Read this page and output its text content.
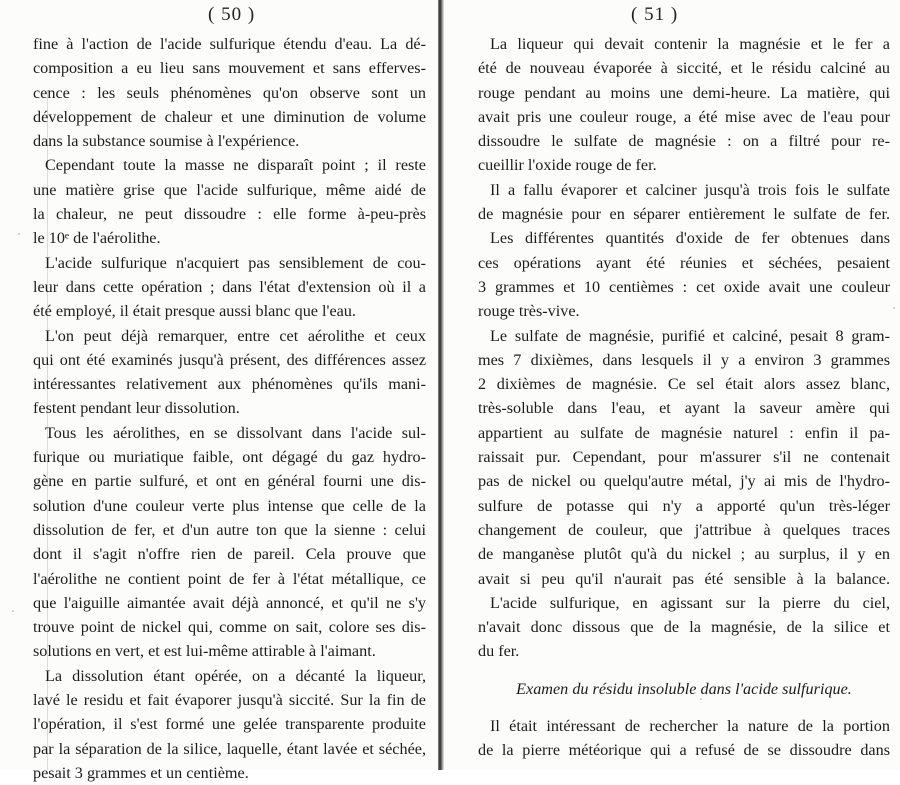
( 50 )
fine à l'action de l'acide sulfurique étendu d'eau. La dé-
composition a eu lieu sans mouvement et sans efferves-
cence : les seuls phénomènes qu'on observe sont un
développement de chaleur et une diminution de volume
dans la substance soumise à l'expérience.
Cependant toute la masse ne disparaît point ; il reste
une matière grise que l'acide sulfurique, même aidé de
la chaleur, ne peut dissoudre : elle forme à-peu-près
le 10ᵉ de l'aérolithe.
L'acide sulfurique n'acquiert pas sensiblement de cou-
leur dans cette opération ; dans l'état d'extension où il a
été employé, il était presque aussi blanc que l'eau.
L'on peut déjà remarquer, entre cet aérolithe et ceux
qui ont été examinés jusqu'à présent, des différences assez
intéressantes relativement aux phénomènes qu'ils mani-
festent pendant leur dissolution.
Tous les aérolithes, en se dissolvant dans l'acide sul-
furique ou muriatique faible, ont dégagé du gaz hydro-
gène en partie sulfuré, et ont en général fourni une dis-
solution d'une couleur verte plus intense que celle de la
dissolution de fer, et d'un autre ton que la sienne : celui
dont il s'agit n'offre rien de pareil. Cela prouve que
l'aérolithe ne contient point de fer à l'état métallique, ce
que l'aiguille aimantée avait déjà annoncé, et qu'il ne s'y
trouve point de nickel qui, comme on sait, colore ses dis-
solutions en vert, et est lui-même attirable à l'aimant.
La dissolution étant opérée, on a décanté la liqueur,
lavé le residu et fait évaporer jusqu'à siccité. Sur la fin de
l'opération, il s'est formé une gelée transparente produite
par la séparation de la silice, laquelle, étant lavée et séchée,
pesait 3 grammes et un centième.
( 51 )
La liqueur qui devait contenir la magnésie et le fer a
été de nouveau évaporée à siccité, et le résidu calciné au
rouge pendant au moins une demi-heure. La matière, qui
avait pris une couleur rouge, a été mise avec de l'eau pour
dissoudre le sulfate de magnésie : on a filtré pour re-
cueillir l'oxide rouge de fer.
Il a fallu évaporer et calciner jusqu'à trois fois le sulfate
de magnésie pour en séparer entièrement le sulfate de fer.
Les différentes quantités d'oxide de fer obtenues dans
ces opérations ayant été réunies et séchées, pesaient
3 grammes et 10 centièmes : cet oxide avait une couleur
rouge très-vive.
Le sulfate de magnésie, purifié et calciné, pesait 8 gram-
mes 7 dixièmes, dans lesquels il y a environ 3 grammes
2 dixièmes de magnésie. Ce sel était alors assez blanc,
très-soluble dans l'eau, et ayant la saveur amère qui
appartient au sulfate de magnésie naturel : enfin il pa-
raissait pur. Cependant, pour m'assurer s'il ne contenait
pas de nickel ou quelqu'autre métal, j'y ai mis de l'hydro-
sulfure de potasse qui n'y a apporté qu'un très-léger
changement de couleur, que j'attribue à quelques traces
de manganèse plutôt qu'à du nickel ; au surplus, il y en
avait si peu qu'il n'aurait pas été sensible à la balance.
L'acide sulfurique, en agissant sur la pierre du ciel,
n'avait donc dissous que de la magnésie, de la silice et
du fer.
Examen du résidu insoluble dans l'acide sulfurique.
Il était intéressant de rechercher la nature de la portion
de la pierre météorique qui a refusé de se dissoudre dans
